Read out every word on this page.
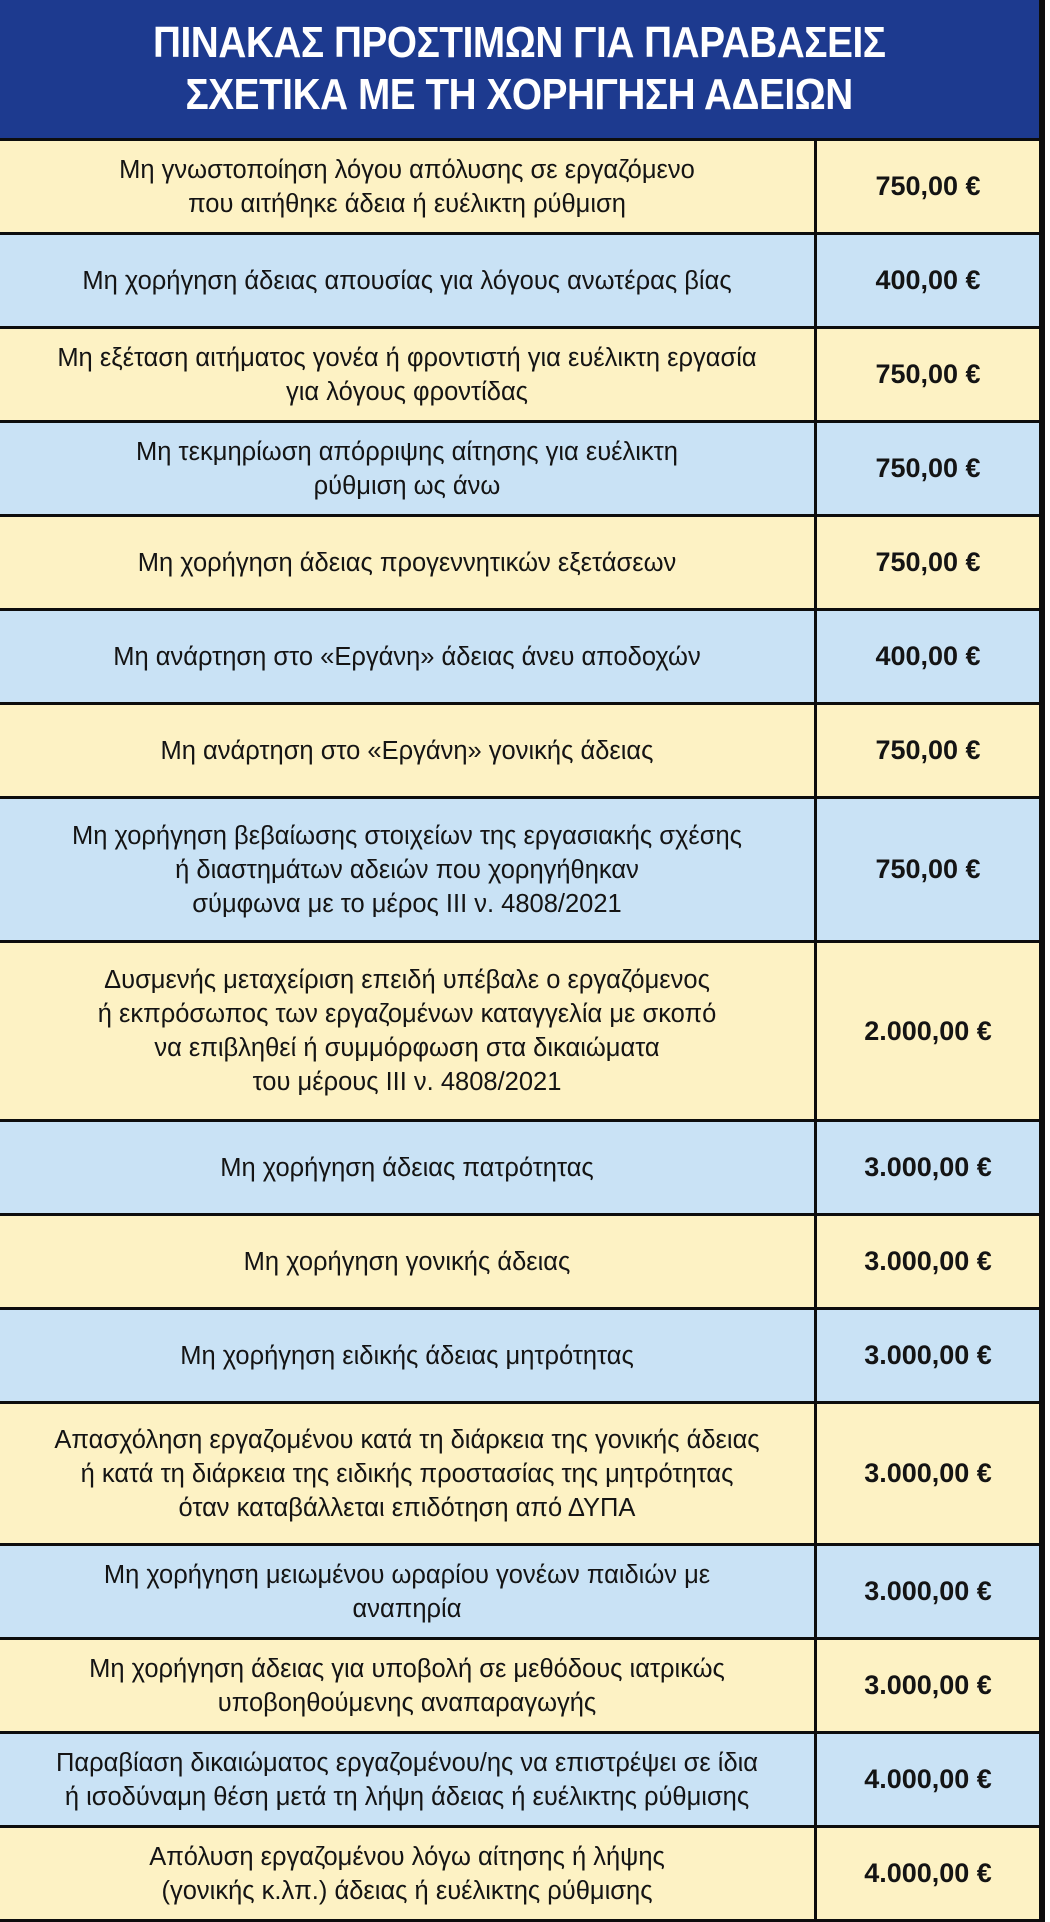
ΠΙΝΑΚΑΣ ΠΡΟΣΤΙΜΩΝ ΓΙΑ ΠΑΡΑΒΑΣΕΙΣ
ΣΧΕΤΙΚΑ ΜΕ ΤΗ ΧΟΡΗΓΗΣΗ ΑΔΕΙΩΝ
Μη γνωστοποίηση λόγου απόλυσης σε εργαζόμενο
που αιτήθηκε άδεια ή ευέλικτη ρύθμιση
750,00 €
Μη χορήγηση άδειας απουσίας για λόγους ανωτέρας βίας	400,00 €
Μη εξέταση αιτήματος γονέα ή φροντιστή για ευέλικτη εργασία
για λόγους φροντίδας
750,00 €
Μη τεκμηρίωση απόρριψης αίτησης για ευέλικτη
ρύθμιση ως άνω
750,00 €
Μη χορήγηση άδειας προγεννητικών εξετάσεων	750,00 €
Μη ανάρτηση στο «Εργάνη» άδειας άνευ αποδοχών	400,00 €
Μη ανάρτηση στο «Εργάνη» γονικής άδειας	750,00 €
Μη χορήγηση βεβαίωσης στοιχείων της εργασιακής σχέσης
ή διαστημάτων αδειών που χορηγήθηκαν
σύμφωνα με το μέρος ΙΙΙ ν. 4808/2021
750,00 €
Δυσμενής μεταχείριση επειδή υπέβαλε ο εργαζόμενος
ή εκπρόσωπος των εργαζομένων καταγγελία με σκοπό
να επιβληθεί ή συμμόρφωση στα δικαιώματα
του μέρους ΙΙΙ ν. 4808/2021
2.000,00 €
Μη χορήγηση άδειας πατρότητας	3.000,00 €
Μη χορήγηση γονικής άδειας	3.000,00 €
Μη χορήγηση ειδικής άδειας μητρότητας	3.000,00 €
Απασχόληση εργαζομένου κατά τη διάρκεια της γονικής άδειας
ή κατά τη διάρκεια της ειδικής προστασίας της μητρότητας
όταν καταβάλλεται επιδότηση από ΔΥΠΑ
3.000,00 €
Μη χορήγηση μειωμένου ωραρίου γονέων παιδιών με
αναπηρία
3.000,00 €
Μη χορήγηση άδειας για υποβολή σε μεθόδους ιατρικώς
υποβοηθούμενης αναπαραγωγής
3.000,00 €
Παραβίαση δικαιώματος εργαζομένου/ης να επιστρέψει σε ίδια
ή ισοδύναμη θέση μετά τη λήψη άδειας ή ευέλικτης ρύθμισης
4.000,00 €
Απόλυση εργαζομένου λόγω αίτησης ή λήψης
(γονικής κ.λπ.) άδειας ή ευέλικτης ρύθμισης
4.000,00 €
